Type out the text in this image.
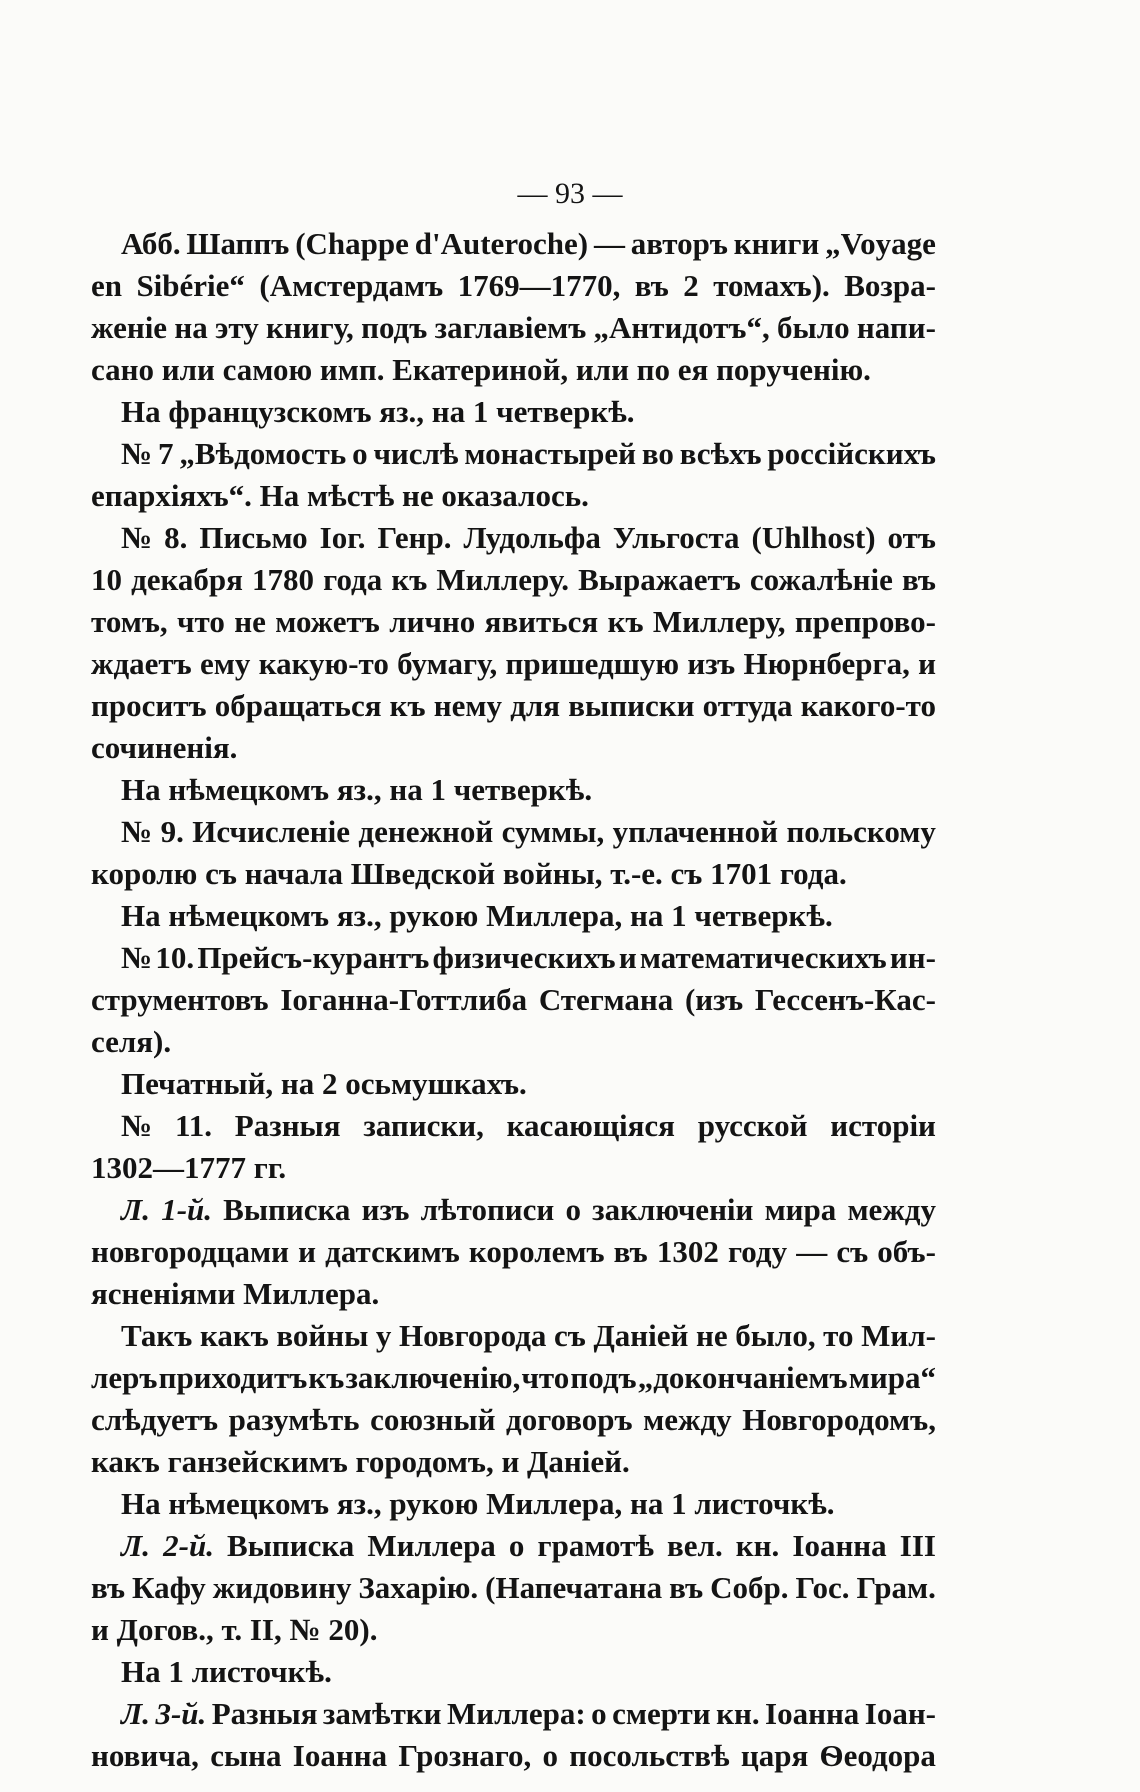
— 93 —
Абб. Шаппъ (Chappe d'Auteroche) — авторъ книги „Voyage
en Sibérie“ (Амстердамъ 1769—1770, въ 2 томахъ). Возра-
женіе на эту книгу, подъ заглавіемъ „Антидотъ“, было напи-
сано или самою имп. Екатериной, или по ея порученію.
На французскомъ яз., на 1 четверкѣ.
№ 7 „Вѣдомость о числѣ монастырей во всѣхъ россійскихъ
епархіяхъ“. На мѣстѣ не оказалось.
№ 8. Письмо Іог. Генр. Лудольфа Ульгоста (Uhlhost) отъ
10 декабря 1780 года къ Миллеру. Выражаетъ сожалѣніе въ
томъ, что не можетъ лично явиться къ Миллеру, препрово-
ждаетъ ему какую-то бумагу, пришедшую изъ Нюрнберга, и
проситъ обращаться къ нему для выписки оттуда какого-то
сочиненія.
На нѣмецкомъ яз., на 1 четверкѣ.
№ 9. Исчисленіе денежной суммы, уплаченной польскому
королю съ начала Шведской войны, т.-е. съ 1701 года.
На нѣмецкомъ яз., рукою Миллера, на 1 четверкѣ.
№ 10. Прейсъ-курантъ физическихъ и математическихъ ин-
струментовъ Іоганна-Готтлиба Стегмана (изъ Гессенъ-Кас-
селя).
Печатный, на 2 осьмушкахъ.
№ 11. Разныя записки, касающіяся русской исторіи
1302—1777 гг.
Л. 1-й. Выписка изъ лѣтописи о заключеніи мира между
новгородцами и датскимъ королемъ въ 1302 году — съ объ-
ясненіями Миллера.
Такъ какъ войны у Новгорода съ Даніей не было, то Мил-
леръ приходитъ къ заключенію, что подъ „докончаніемъ мира“
слѣдуетъ разумѣть союзный договоръ между Новгородомъ,
какъ ганзейскимъ городомъ, и Даніей.
На нѣмецкомъ яз., рукою Миллера, на 1 листочкѣ.
Л. 2-й. Выписка Миллера о грамотѣ вел. кн. Іоанна III
въ Кафу жидовину Захарію. (Напечатана въ Собр. Гос. Грам.
и Догов., т. II, № 20).
На 1 листочкѣ.
Л. 3-й. Разныя замѣтки Миллера: о смерти кн. Іоанна Іоан-
новича, сына Іоанна Грознаго, о посольствѣ царя Ѳеодора
